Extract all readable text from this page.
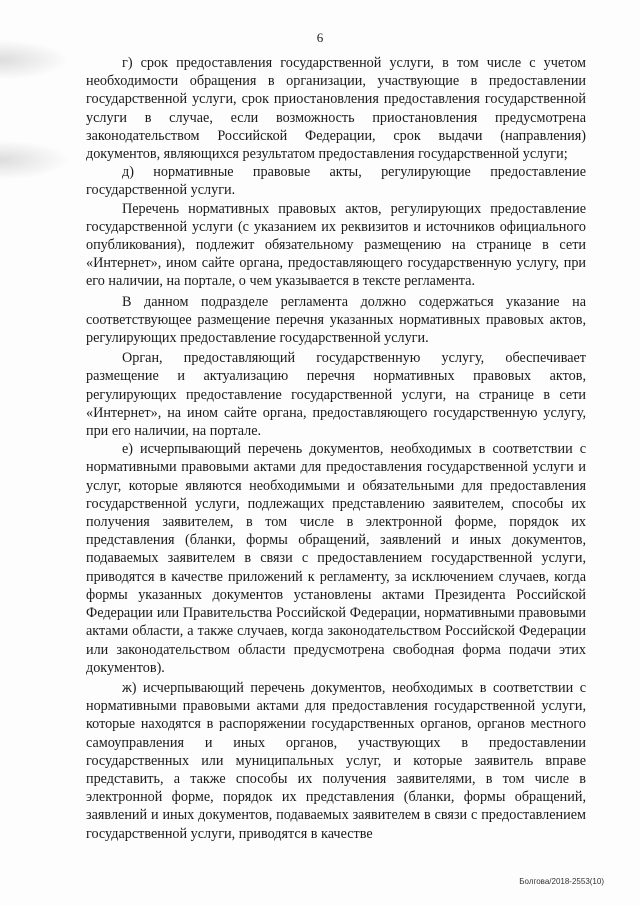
6

г) срок предоставления государственной услуги, в том числе с учетом необходимости обращения в организации, участвующие в предоставлении государственной услуги, срок приостановления предоставления государственной услуги в случае, если возможность приостановления предусмотрена законодательством Российской Федерации, срок выдачи (направления) документов, являющихся результатом предоставления государственной услуги;

д) нормативные правовые акты, регулирующие предоставление государственной услуги.

Перечень нормативных правовых актов, регулирующих предоставление государственной услуги (с указанием их реквизитов и источников официального опубликования), подлежит обязательному размещению на странице в сети «Интернет», ином сайте органа, предоставляющего государственную услугу, при его наличии, на портале, о чем указывается в тексте регламента.

В данном подразделе регламента должно содержаться указание на соответствующее размещение перечня указанных нормативных правовых актов, регулирующих предоставление государственной услуги.

Орган, предоставляющий государственную услугу, обеспечивает размещение и актуализацию перечня нормативных правовых актов, регулирующих предоставление государственной услуги, на странице в сети «Интернет», на ином сайте органа, предоставляющего государственную услугу, при его наличии, на портале.

е) исчерпывающий перечень документов, необходимых в соответствии с нормативными правовыми актами для предоставления государственной услуги и услуг, которые являются необходимыми и обязательными для предоставления государственной услуги, подлежащих представлению заявителем, способы их получения заявителем, в том числе в электронной форме, порядок их представления (бланки, формы обращений, заявлений и иных документов, подаваемых заявителем в связи с предоставлением государственной услуги, приводятся в качестве приложений к регламенту, за исключением случаев, когда формы указанных документов установлены актами Президента Российской Федерации или Правительства Российской Федерации, нормативными правовыми актами области, а также случаев, когда законодательством Российской Федерации или законодательством области предусмотрена свободная форма подачи этих документов).

ж) исчерпывающий перечень документов, необходимых в соответствии с нормативными правовыми актами для предоставления государственной услуги, которые находятся в распоряжении государственных органов, органов местного самоуправления и иных органов, участвующих в предоставлении государственных или муниципальных услуг, и которые заявитель вправе представить, а также способы их получения заявителями, в том числе в электронной форме, порядок их представления (бланки, формы обращений, заявлений и иных документов, подаваемых заявителем в связи с предоставлением государственной услуги, приводятся в качестве

Болгова/2018-2553(10)
